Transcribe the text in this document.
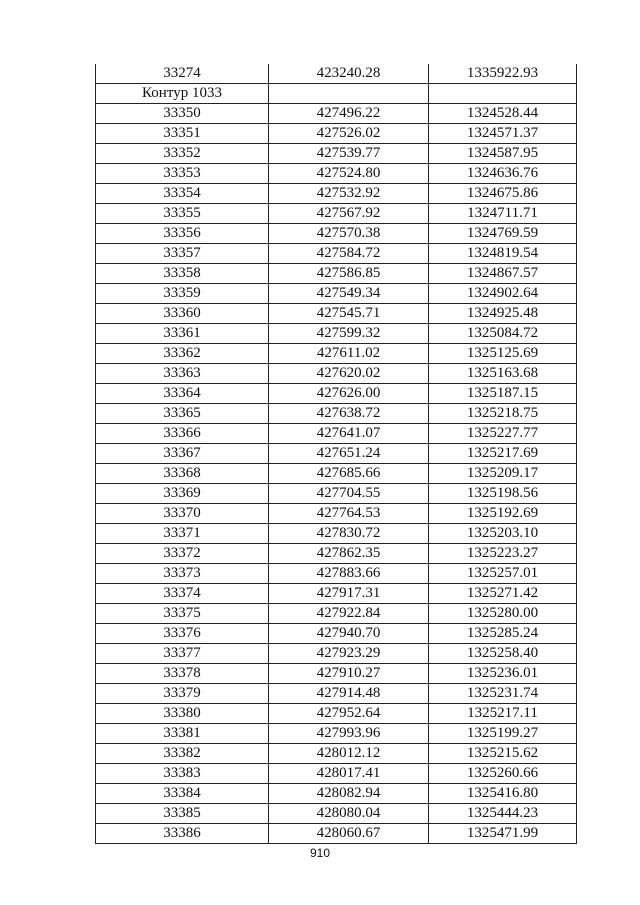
33274	423240.28	1335922.93
Контур 1033		
33350	427496.22	1324528.44
33351	427526.02	1324571.37
33352	427539.77	1324587.95
33353	427524.80	1324636.76
33354	427532.92	1324675.86
33355	427567.92	1324711.71
33356	427570.38	1324769.59
33357	427584.72	1324819.54
33358	427586.85	1324867.57
33359	427549.34	1324902.64
33360	427545.71	1324925.48
33361	427599.32	1325084.72
33362	427611.02	1325125.69
33363	427620.02	1325163.68
33364	427626.00	1325187.15
33365	427638.72	1325218.75
33366	427641.07	1325227.77
33367	427651.24	1325217.69
33368	427685.66	1325209.17
33369	427704.55	1325198.56
33370	427764.53	1325192.69
33371	427830.72	1325203.10
33372	427862.35	1325223.27
33373	427883.66	1325257.01
33374	427917.31	1325271.42
33375	427922.84	1325280.00
33376	427940.70	1325285.24
33377	427923.29	1325258.40
33378	427910.27	1325236.01
33379	427914.48	1325231.74
33380	427952.64	1325217.11
33381	427993.96	1325199.27
33382	428012.12	1325215.62
33383	428017.41	1325260.66
33384	428082.94	1325416.80
33385	428080.04	1325444.23
33386	428060.67	1325471.99
910
